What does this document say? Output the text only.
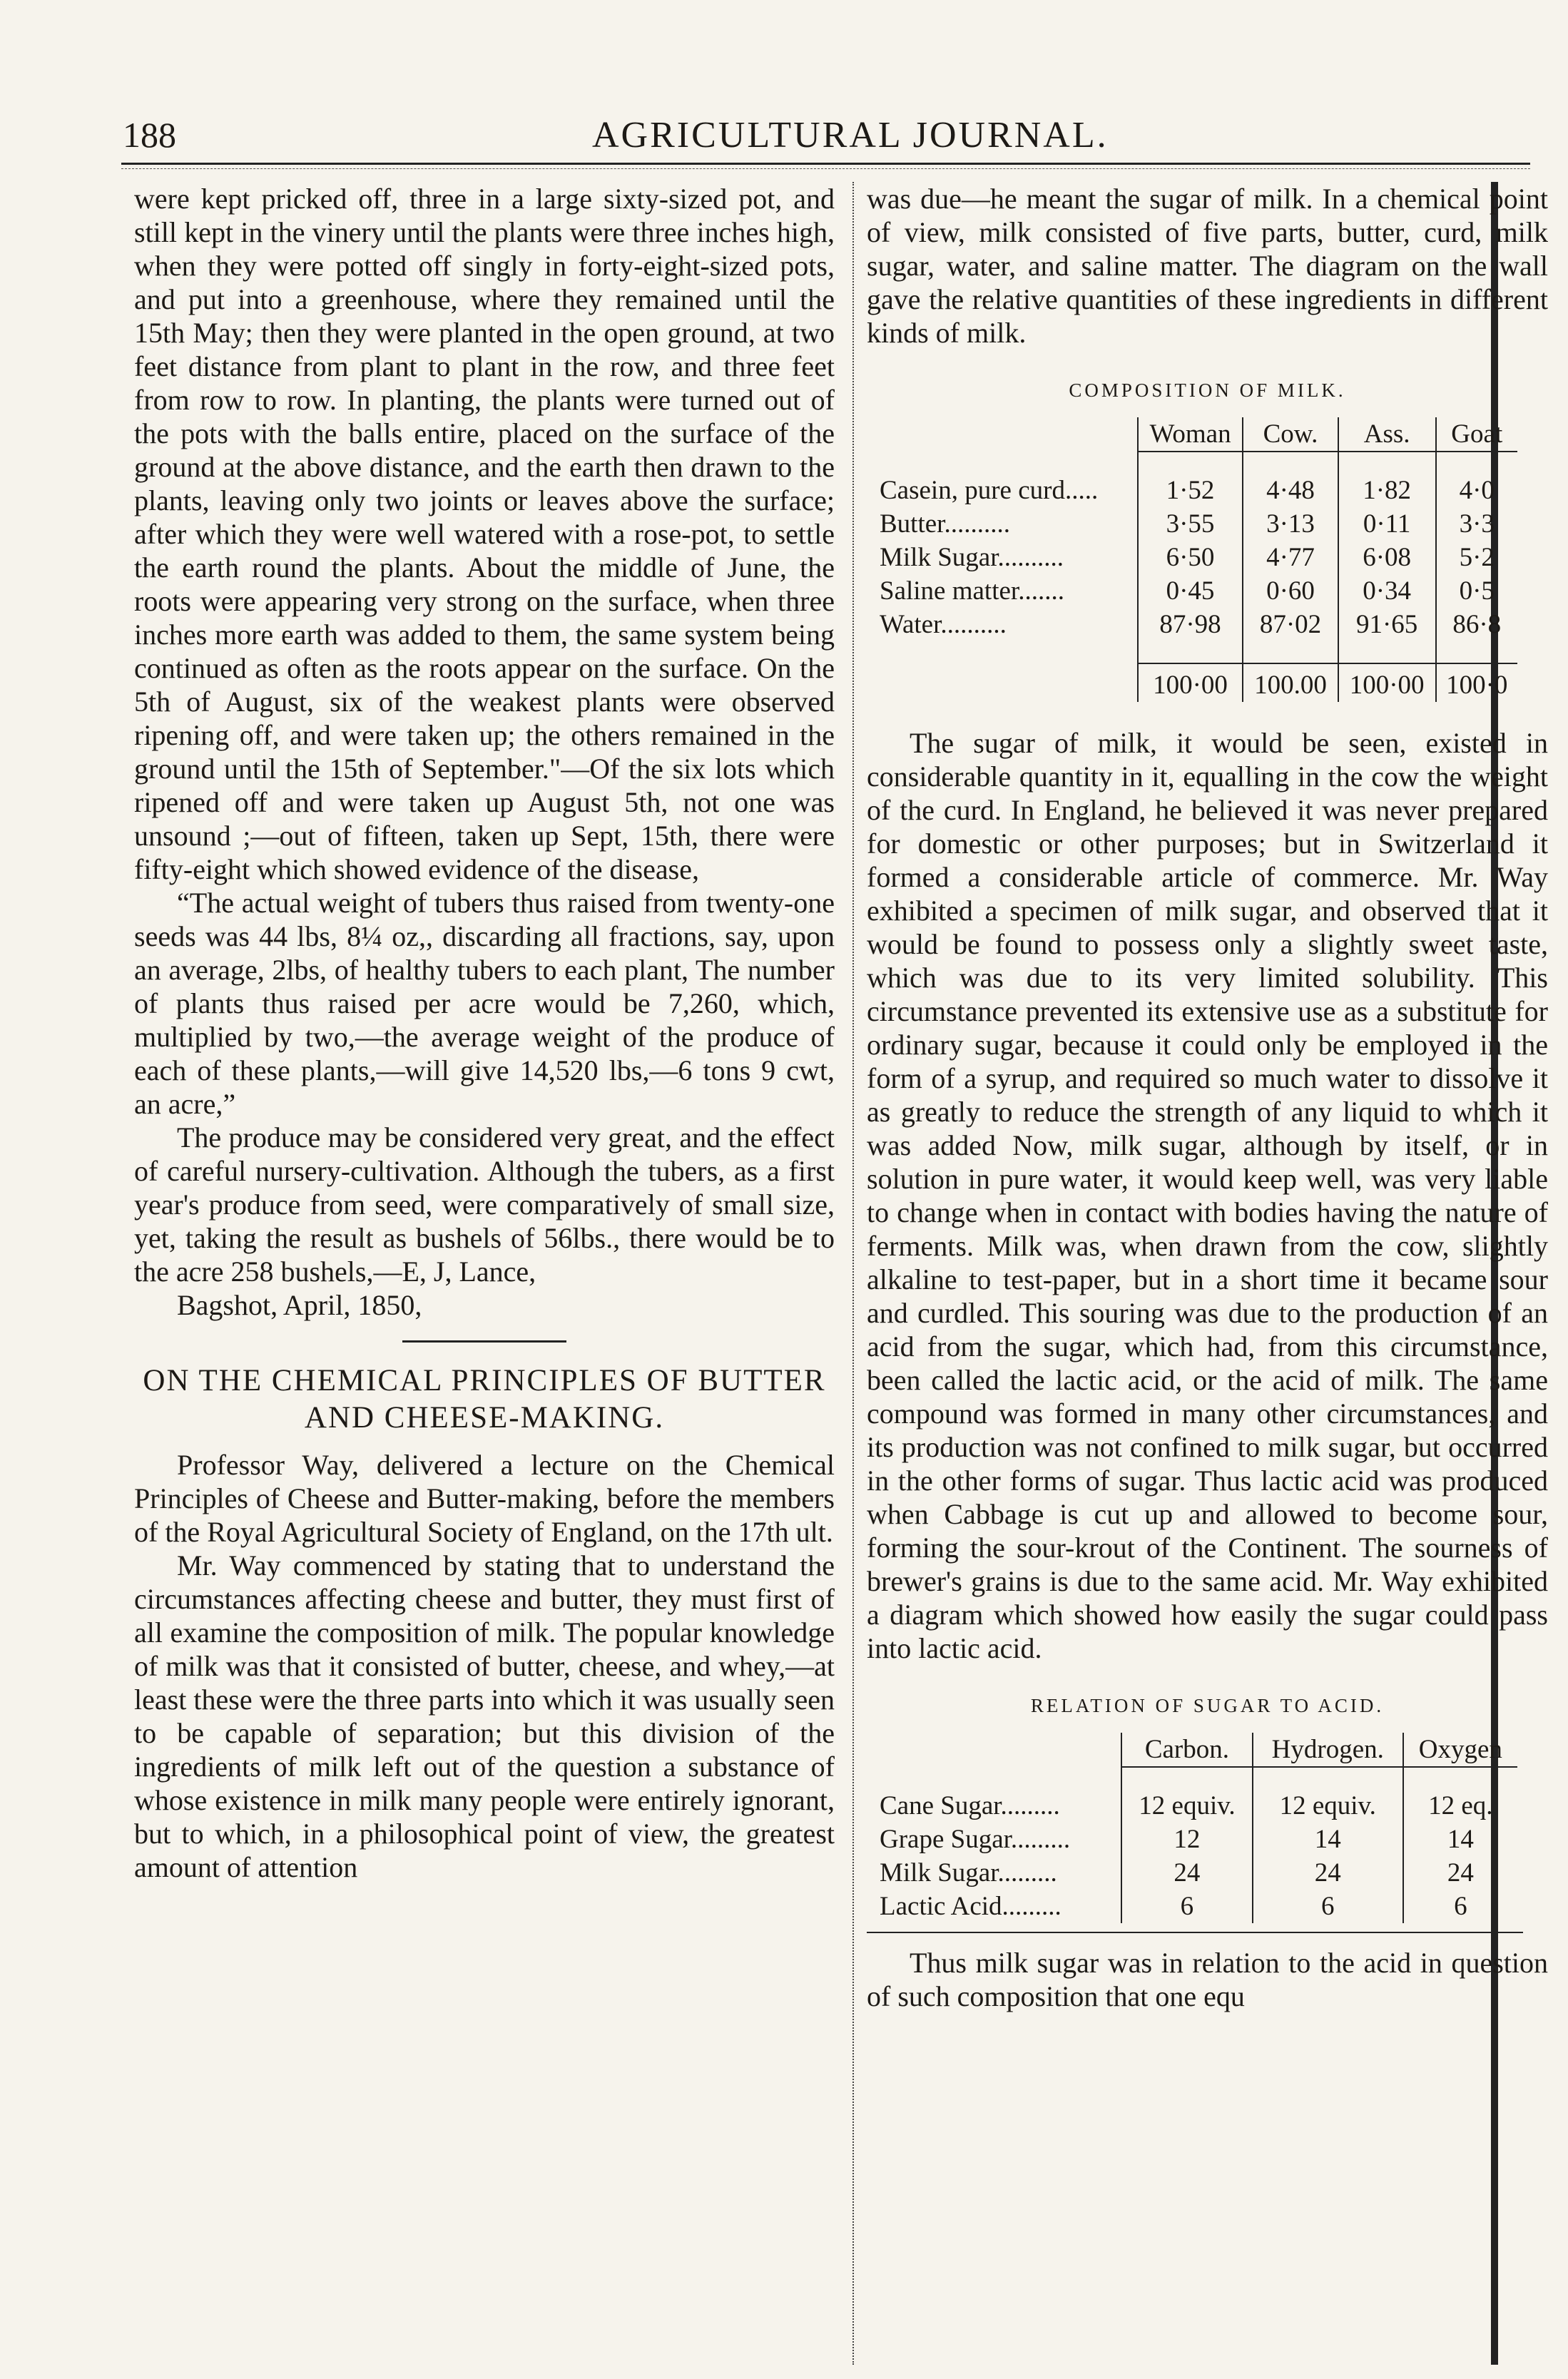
188	AGRICULTURAL JOURNAL.

were kept pricked off, three in a large sixty-sized pot, and still kept in the vinery until the plants were three inches high, when they were potted off singly in forty-eight-sized pots, and put into a greenhouse, where they remained until the 15th May; then they were planted in the open ground, at two feet distance from plant to plant in the row, and three feet from row to row. In planting, the plants were turned out of the pots with the balls entire, placed on the surface of the ground at the above distance, and the earth then drawn to the plants, leaving only two joints or leaves above the surface; after which they were well watered with a rose-pot, to settle the earth round the plants. About the middle of June, the roots were appearing very strong on the surface, when three inches more earth was added to them, the same system being continued as often as the roots appear on the surface. On the 5th of August, six of the weakest plants were observed ripening off, and were taken up; the others remained in the ground until the 15th of September."—Of the six lots which ripened off and were taken up August 5th, not one was unsound ;—out of fifteen, taken up Sept, 15th, there were fifty-eight which showed evidence of the disease,

“The actual weight of tubers thus raised from twenty-one seeds was 44 lbs, 8¼ oz,, discarding all fractions, say, upon an average, 2lbs, of healthy tubers to each plant, The number of plants thus raised per acre would be 7,260, which, multiplied by two,—the average weight of the produce of each of these plants,—will give 14,520 lbs,—6 tons 9 cwt, an acre,”

The produce may be considered very great, and the effect of careful nursery-cultivation. Although the tubers, as a first year's produce from seed, were comparatively of small size, yet, taking the result as bushels of 56lbs., there would be to the acre 258 bushels,—E, J, Lance,

Bagshot, April, 1850,

ON THE CHEMICAL PRINCIPLES OF BUTTER AND CHEESE-MAKING.

Professor Way, delivered a lecture on the Chemical Principles of Cheese and Butter-making, before the members of the Royal Agricultural Society of England, on the 17th ult.

Mr. Way commenced by stating that to understand the circumstances affecting cheese and butter, they must first of all examine the composition of milk. The popular knowledge of milk was that it consisted of butter, cheese, and whey,—at least these were the three parts into which it was usually seen to be capable of separation; but this division of the ingredients of milk left out of the question a substance of whose existence in milk many people were entirely ignorant, but to which, in a philosophical point of view, the greatest amount of attention

was due—he meant the sugar of milk. In a chemical point of view, milk consisted of five parts, butter, curd, milk sugar, water, and saline matter. The diagram on the wall gave the relative quantities of these ingredients in different kinds of milk.

COMPOSITION OF MILK.
	Woman	Cow.	Ass.	Goat

Casein, pure curd.....	1·52	4·48	1·82	4·0
Butter..........	3·55	3·13	0·11	3·3
Milk Sugar..........	6·50	4·77	6·08	5·2
Saline matter.......	0·45	0·60	0·34	0·5
Water..........	87·98	87·02	91·65	86·8

	100·00	100.00	100·00	100·0

The sugar of milk, it would be seen, existed in considerable quantity in it, equalling in the cow the weight of the curd. In England, he believed it was never prepared for domestic or other purposes; but in Switzerland it formed a considerable article of commerce. Mr. Way exhibited a specimen of milk sugar, and observed that it would be found to possess only a slightly sweet taste, which was due to its very limited solubility. This circumstance prevented its extensive use as a substitute for ordinary sugar, because it could only be employed in the form of a syrup, and required so much water to dissolve it as greatly to reduce the strength of any liquid to which it was added Now, milk sugar, although by itself, or in solution in pure water, it would keep well, was very liable to change when in contact with bodies having the nature of ferments. Milk was, when drawn from the cow, slightly alkaline to test-paper, but in a short time it became sour and curdled. This souring was due to the production of an acid from the sugar, which had, from this circumstance, been called the lactic acid, or the acid of milk. The same compound was formed in many other circumstances, and its production was not confined to milk sugar, but occurred in the other forms of sugar. Thus lactic acid was produced when Cabbage is cut up and allowed to become sour, forming the sour-krout of the Continent. The sourness of brewer's grains is due to the same acid. Mr. Way exhibited a diagram which showed how easily the sugar could pass into lactic acid.

RELATION OF SUGAR TO ACID.
	Carbon.	Hydrogen.	Oxygen

Cane Sugar.........	12 equiv.	12 equiv.	12 eq.
Grape Sugar.........	12	14	14
Milk Sugar.........	24	24	24
Lactic Acid.........	6	6	6

Thus milk sugar was in relation to the acid in question of such composition that one equ
